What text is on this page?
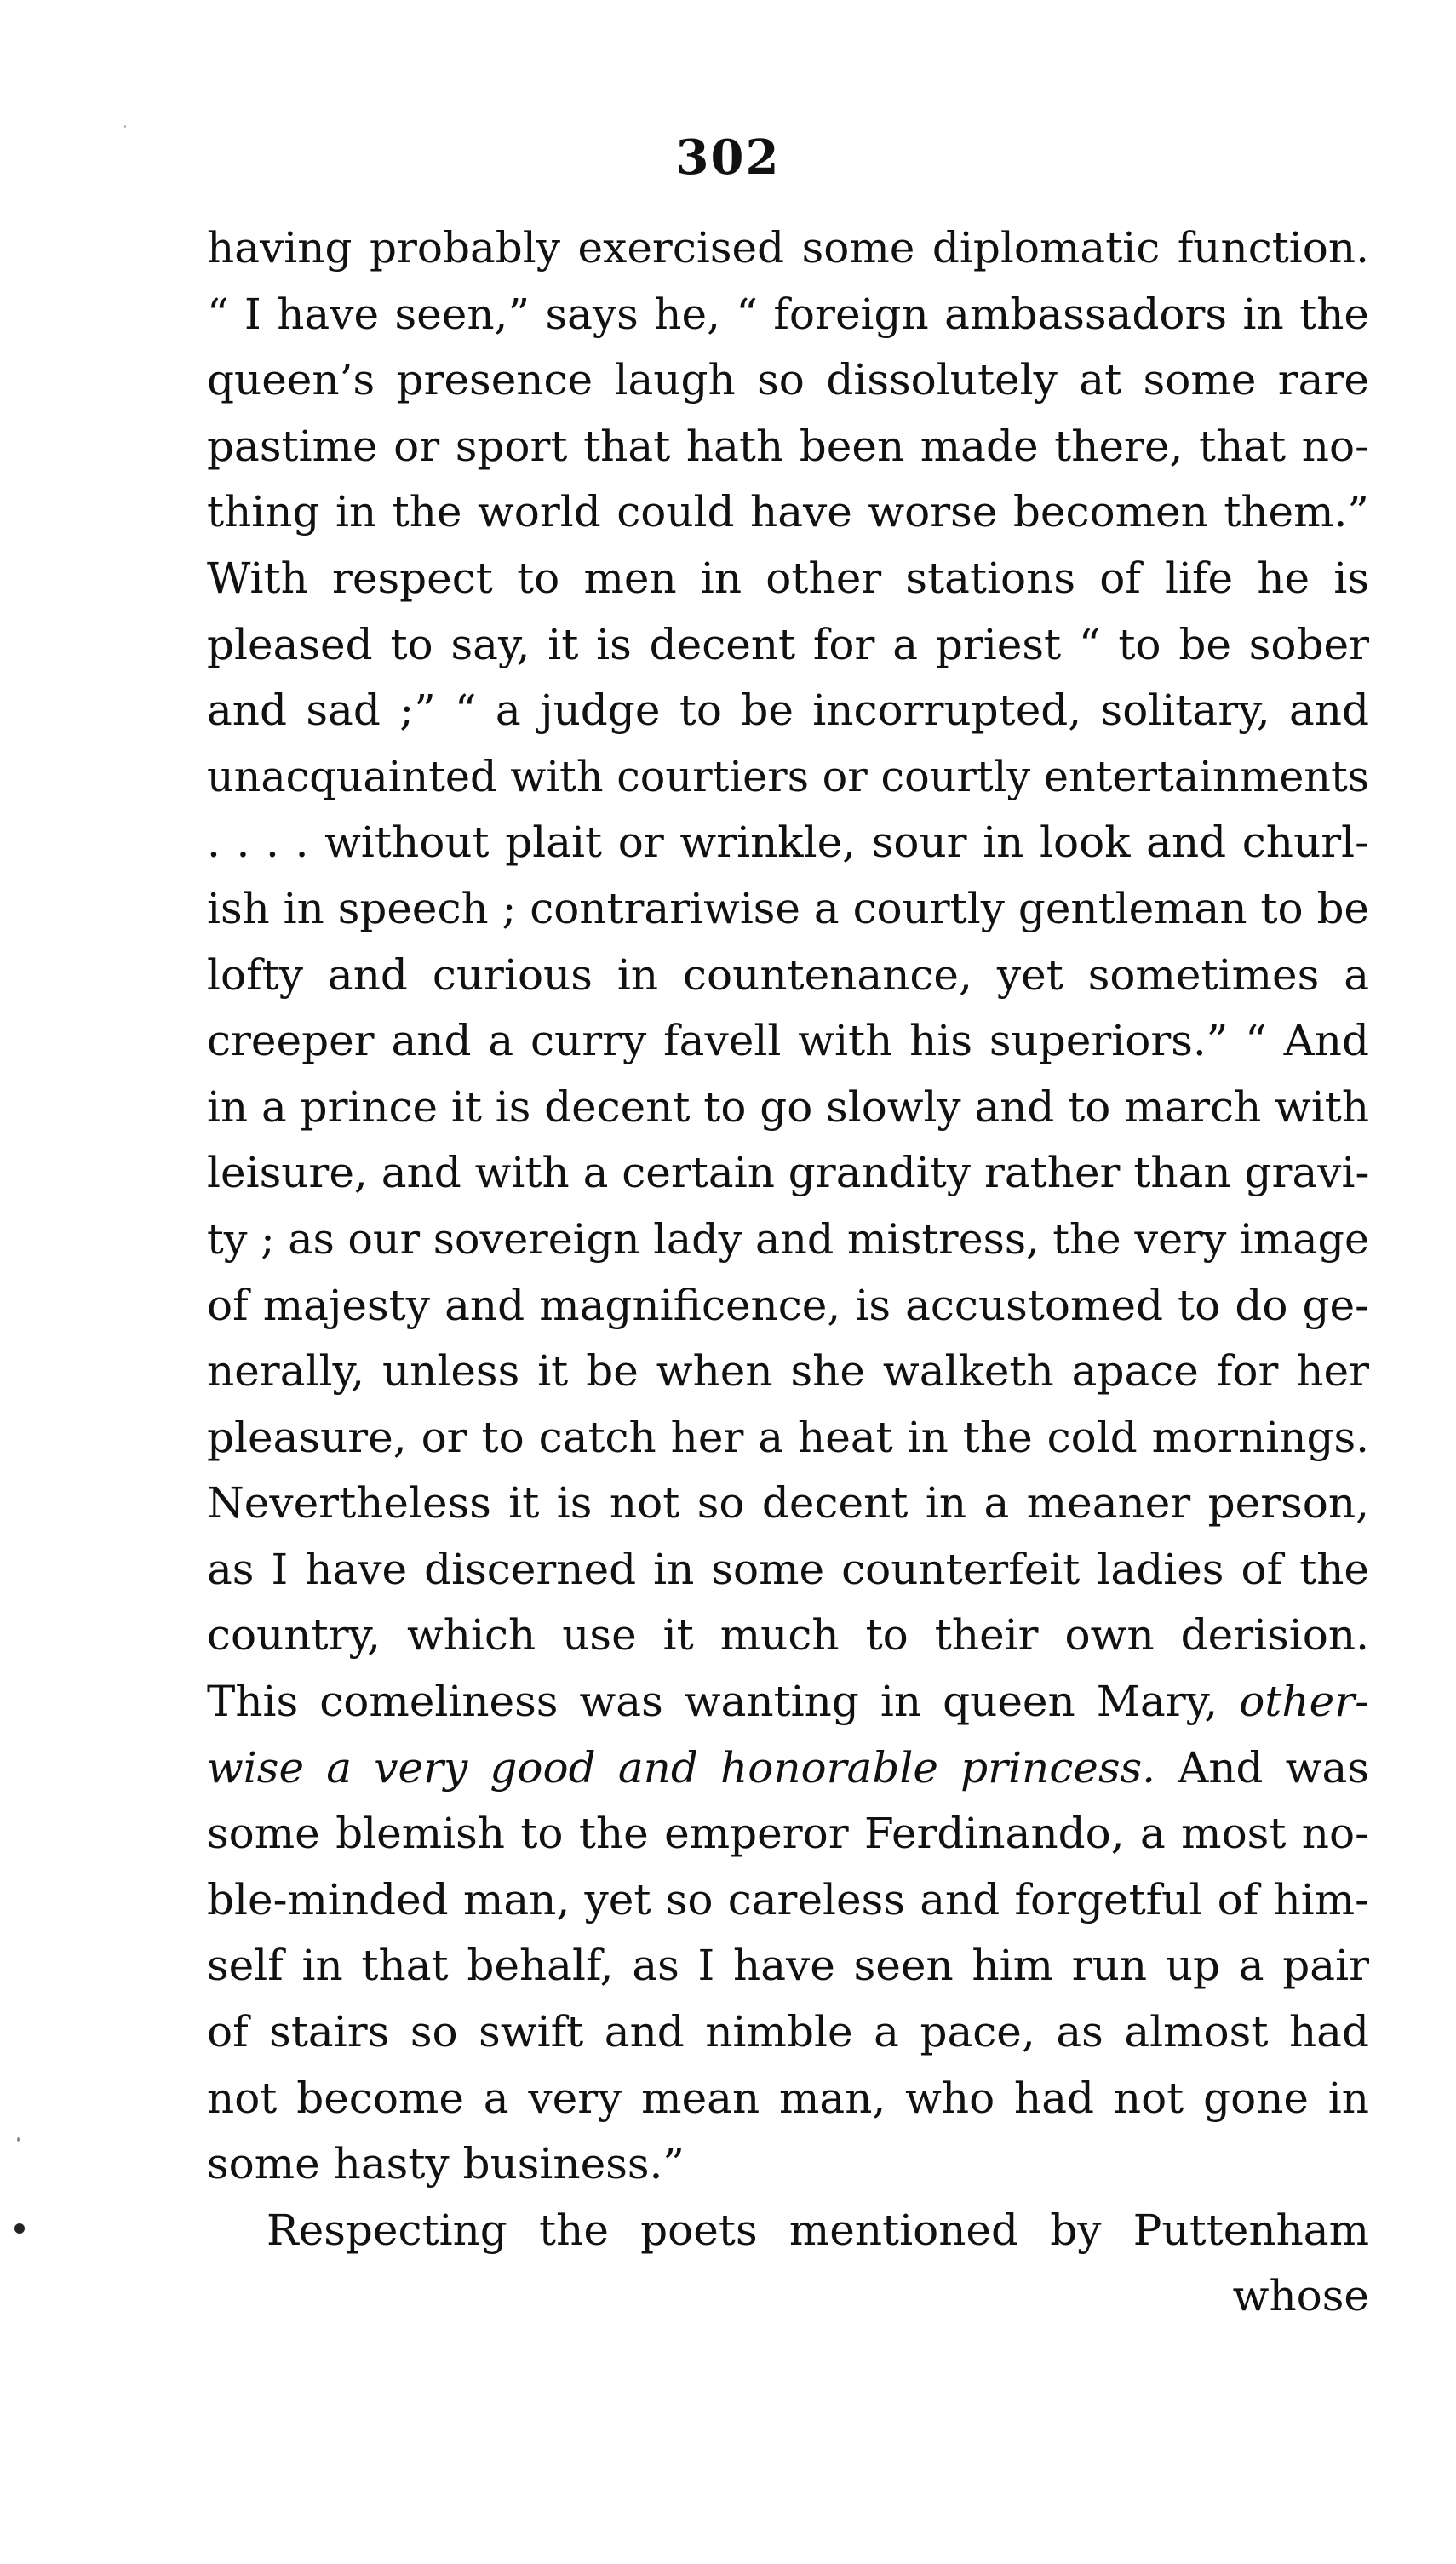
302
having probably exercised some diplomatic function.
“ I have seen,” says he, “ foreign ambassadors in the
queen’s presence laugh so dissolutely at some rare
pastime or sport that hath been made there, that no-
thing in the world could have worse becomen them.”
With respect to men in other stations of life he is
pleased to say, it is decent for a priest “ to be sober
and sad ;” “ a judge to be incorrupted, solitary, and
unacquainted with courtiers or courtly entertainments
. . . . without plait or wrinkle, sour in look and churl-
ish in speech ; contrariwise a courtly gentleman to be
lofty and curious in countenance, yet sometimes a
creeper and a curry favell with his superiors.” “ And
in a prince it is decent to go slowly and to march with
leisure, and with a certain grandity rather than gravi-
ty ; as our sovereign lady and mistress, the very image
of majesty and magnificence, is accustomed to do ge-
nerally, unless it be when she walketh apace for her
pleasure, or to catch her a heat in the cold mornings.
Nevertheless it is not so decent in a meaner person,
as I have discerned in some counterfeit ladies of the
country, which use it much to their own derision.
This comeliness was wanting in queen Mary, other-
wise a very good and honorable princess. And was
some blemish to the emperor Ferdinando, a most no-
ble-minded man, yet so careless and forgetful of him-
self in that behalf, as I have seen him run up a pair
of stairs so swift and nimble a pace, as almost had
not become a very mean man, who had not gone in
some hasty business.”
Respecting the poets mentioned by Puttenham
whose
